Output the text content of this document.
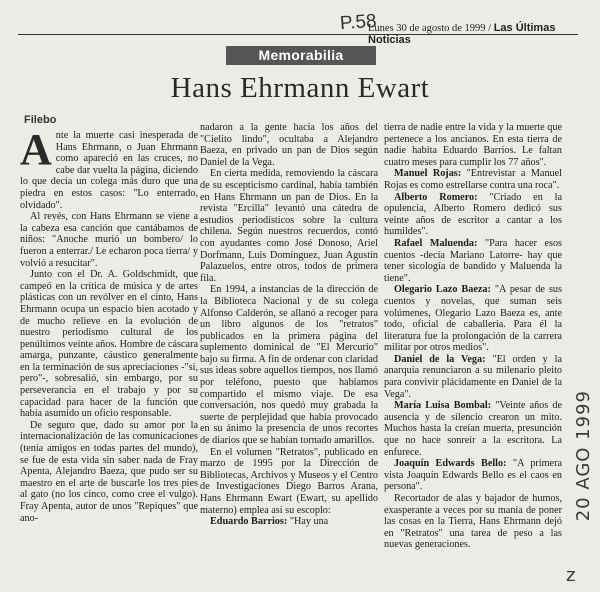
P.58
Lunes 30 de agosto de 1999 / Las Últimas Noticias
Memorabilia
Hans Ehrmann Ewart
Filebo

Ante la muerte casi inesperada de Hans Ehrmann, o Juan Ehrmann como apareció en las cruces, no cabe dar vuelta la página, diciendo lo que decía un colega más duro que una piedra en estos casos: "Lo enterrado, olvidado".

Al revés, con Hans Ehrmann se viene a la cabeza esa canción que cantábamos de niños: "Anoche murió un bombero/ lo fueron a enterrar./ Le echaron poca tierra/ y volvió a resucitar".

Junto con el Dr. A. Goldschmidt, que campeó en la crítica de música y de artes plásticas con un revólver en el cinto, Hans Ehrmann ocupa un espacio bien acotado y de mucho relieve en la evolución de nuestro periodismo cultural de los penúltimos veinte años. Hombre de cáscara amarga, punzante, cáustico generalmente en la terminación de sus apreciaciones -"sí, pero"-, sobresalió, sin embargo, por su perseverancia en el trabajo y por su capacidad para hacer de la función que había asumido un oficio responsable.

De seguro que, dado su amor por la internacionalización de las comunicaciones (tenía amigos en todas partes del mundo), se fue de esta vida sin saber nada de Fray Apenta, Alejandro Baeza, que pudo ser su maestro en el arte de buscarle los tres pies al gato (no los cinco, como cree el vulgo). Fray Apenta, autor de unos "Repiques" que ano-

nadaron a la gente hacia los años del "Cielito lindo", ocultaba a Alejandro Baeza, en privado un pan de Dios según Daniel de la Vega.

En cierta medida, removiendo la cáscara de su escepticismo cardinal, había también en Hans Ehrmann un pan de Dios. En la revista "Ercilla" levantó una cátedra de estudios periodísticos sobre la cultura chilena. Según nuestros recuerdos, contó con ayudantes como José Donoso, Ariel Dorfmann, Luis Domínguez, Juan Agustín Palazuelos, entre otros, todos de primera fila.

En 1994, a instancias de la dirección de la Biblioteca Nacional y de su colega Alfonso Calderón, se allanó a recoger para un libro algunos de los "retratos" publicados en la primera página del suplemento dominical de "El Mercurio" bajo su firma. A fin de ordenar con claridad sus ideas sobre aquellos tiempos, nos llamó por teléfono, puesto que habíamos compartido el mismo viaje. De esa conversación, nos quedó muy grabada la suerte de perplejidad que había provocado en su ánimo la presencia de unos recortes de diarios que se habían tornado amarillos.

En el volumen "Retratos", publicado en marzo de 1995 por la Dirección de Bibliotecas, Archivos y Museos y el Centro de Investigaciones Diego Barros Arana, Hans Ehrmann Ewart (Ewart, su apellido materno) emplea así su escoplo:

Eduardo Barrios: "Hay una

tierra de nadie entre la vida y la muerte que pertenece a los ancianos. En esta tierra de nadie habita Eduardo Barrios. Le faltan cuatro meses para cumplir los 77 años".

Manuel Rojas: "Entrevistar a Manuel Rojas es como estrellarse contra una roca".

Alberto Romero: "Criado en la opulencia, Alberto Romero dedicó sus veinte años de escritor a cantar a los humildes".

Rafael Maluenda: "Para hacer esos cuentos -decía Mariano Latorre- hay que tener sicología de bandido y Maluenda la tiene".

Olegario Lazo Baeza: "A pesar de sus cuentos y novelas, que suman seis volúmenes, Olegario Lazo Baeza es, ante todo, oficial de caballería. Para él la literatura fue la prolongación de la carrera militar por otros medios".

Daniel de la Vega: "El orden y la anarquía renunciaron a su milenario pleito para convivir plácidamente en Daniel de la Vega".

María Luisa Bombal: "Veinte años de ausencia y de silencio crearon un mito. Muchos hasta la creían muerta, presunción que no hace sonreír a la escritora. La enfurece.

Joaquín Edwards Bello: "A primera vista Joaquín Edwards Bello es el caos en persona".

Recortador de alas y bajador de humos, exasperante a veces por su manía de poner las cosas en la Tierra, Hans Ehrmann dejó en "Retratos" una tarea de peso a las nuevas generaciones.

20 AGO 1999
z
